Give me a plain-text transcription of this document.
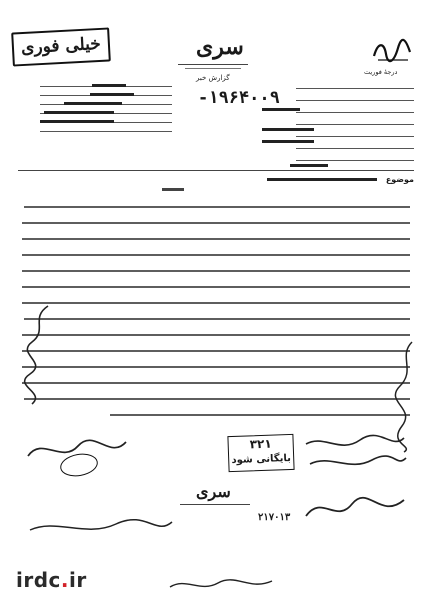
خیلی فوری	سری
گزارش خبر
-۱۹۶۴۰۰۹
درجهٔ فوریت
موضوع
۳۲۱
بایگانی شود
سری
۲۱۷۰۱۳
irdc.ir
